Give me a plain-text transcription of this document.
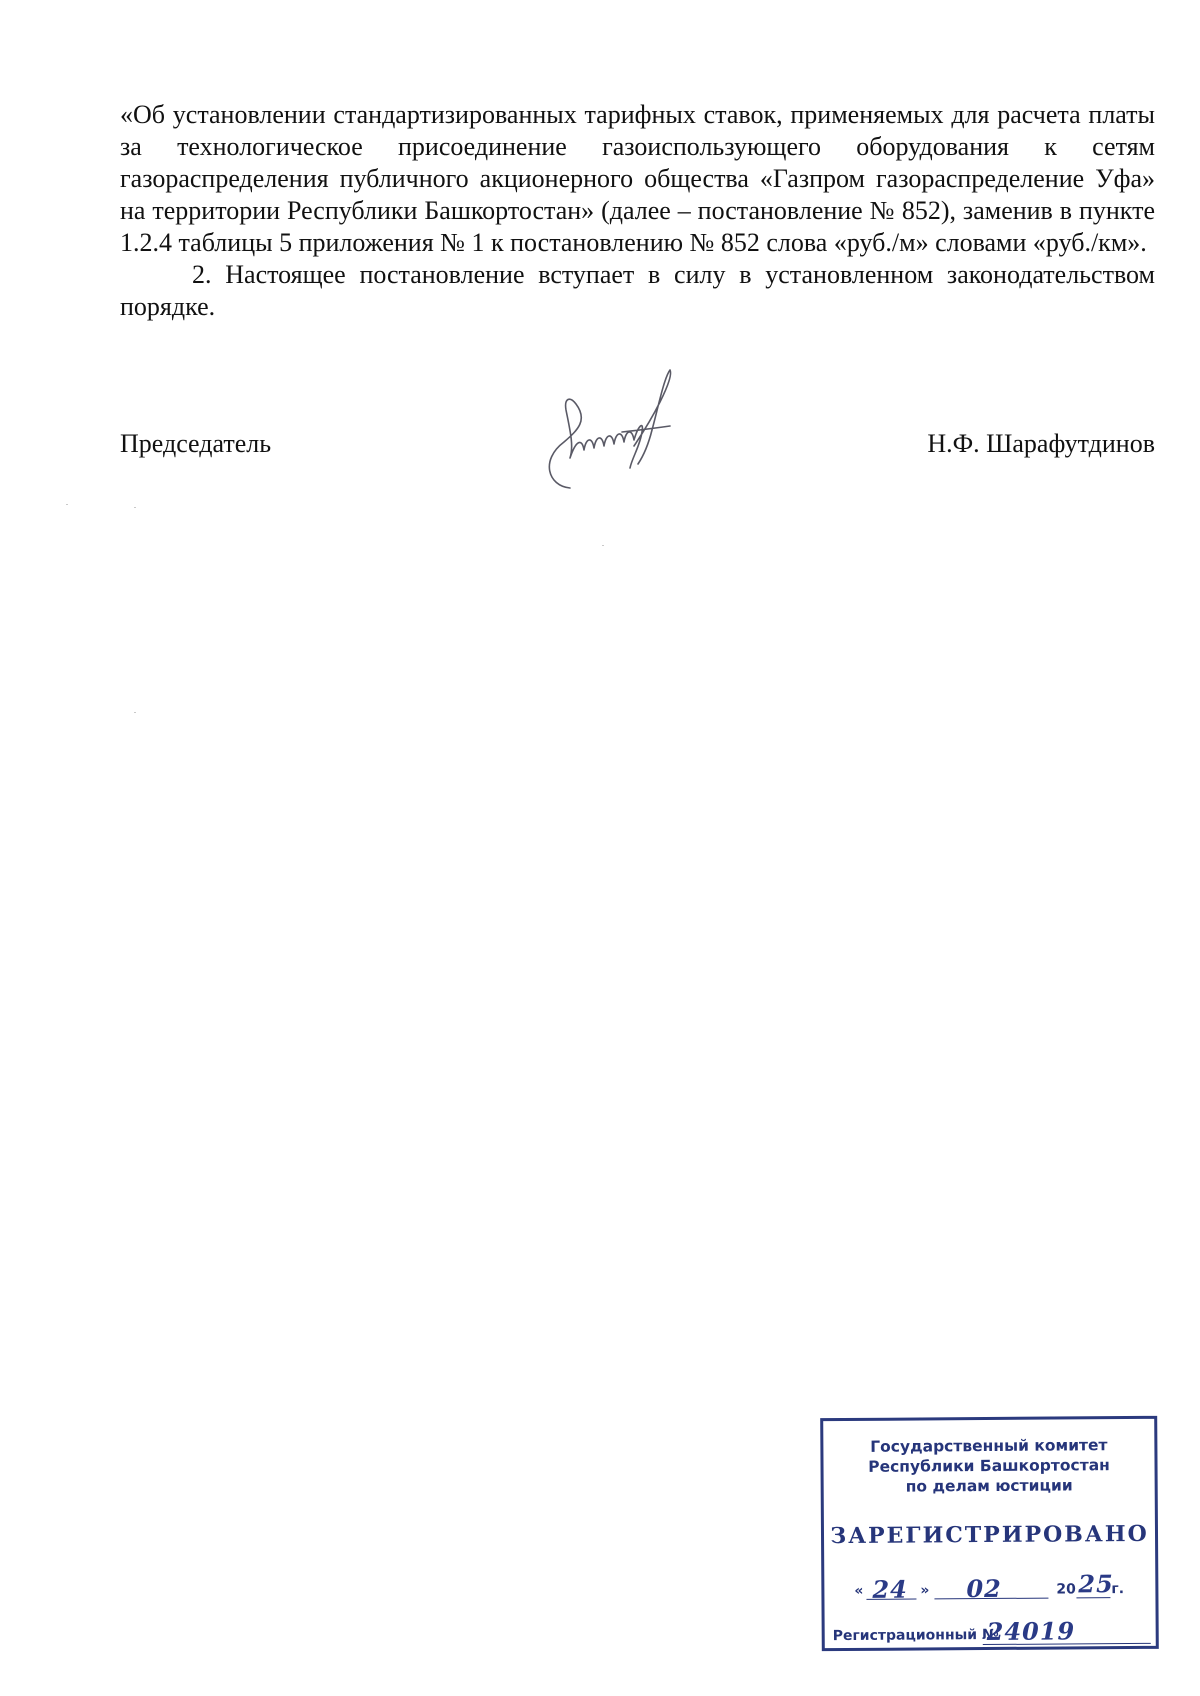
«Об установлении стандартизированных тарифных ставок, применяемых для расчета платы за технологическое присоединение газоиспользующего оборудования к сетям газораспределения публичного акционерного общества «Газпром газораспределение Уфа» на территории Республики Башкортостан» (далее – постановление № 852), заменив в пункте 1.2.4 таблицы 5 приложения № 1 к постановлению № 852 слова «руб./м» словами «руб./км».

2. Настоящее постановление вступает в силу в установленном законодательством порядке.

Председатель	Н.Ф. Шарафутдинов
Государственный комитет
Республики Башкортостан
по делам юстиции
ЗАРЕГИСТРИРОВАНО
« 24 » 02	20 25
г.
Регистрационный №
24019
